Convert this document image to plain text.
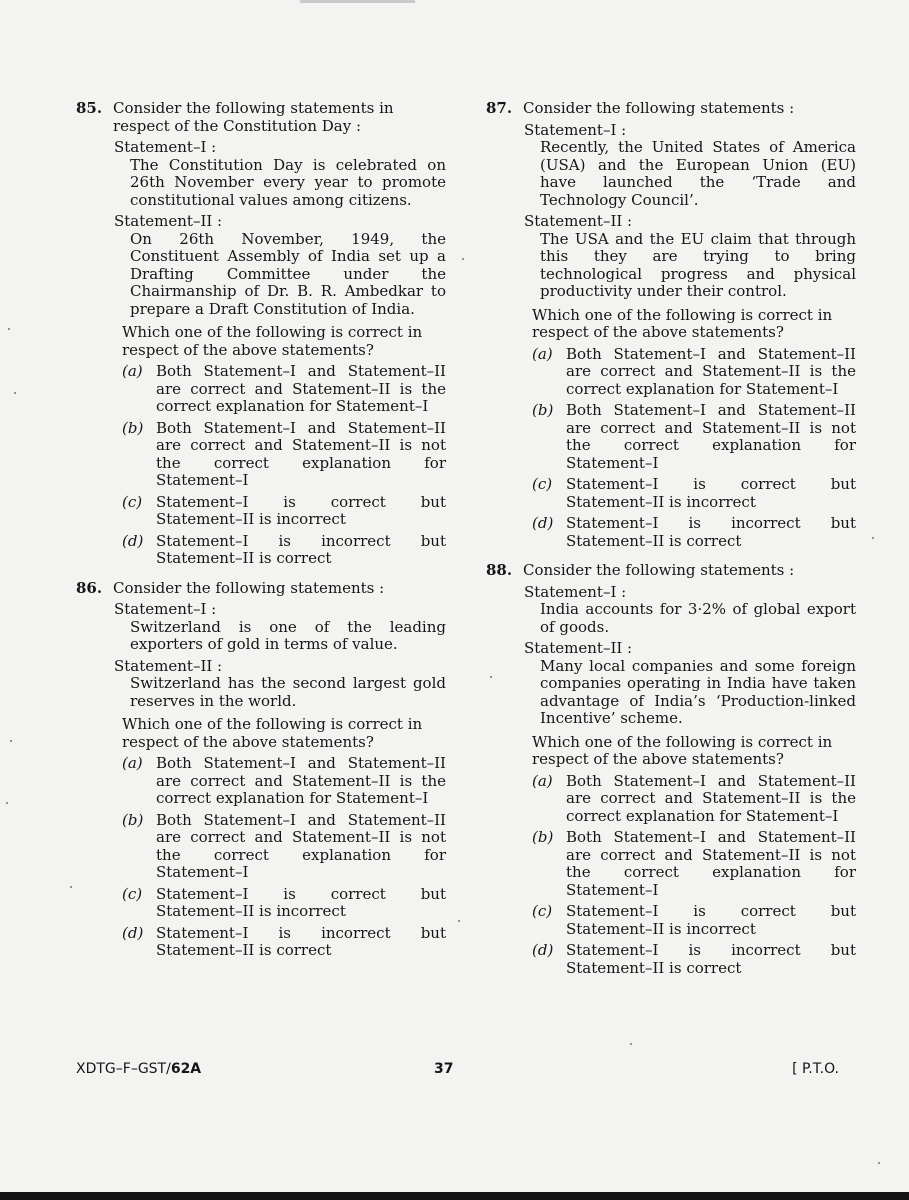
85. Consider the following statements in respect of the Constitution Day :
Statement–I :
The Constitution Day is celebrated on 26th November every year to promote constitutional values among citizens.
Statement–II :
On 26th November, 1949, the Constituent Assembly of India set up a Drafting Committee under the Chairmanship of Dr. B. R. Ambedkar to prepare a Draft Constitution of India.
Which one of the following is correct in respect of the above statements?
(a) Both Statement–I and Statement–II are correct and Statement–II is the correct explanation for Statement–I
(b) Both Statement–I and Statement–II are correct and Statement–II is not the correct explanation for Statement–I
(c) Statement–I is correct but Statement–II is incorrect
(d) Statement–I is incorrect but Statement–II is correct
86. Consider the following statements :
Statement–I :
Switzerland is one of the leading exporters of gold in terms of value.
Statement–II :
Switzerland has the second largest gold reserves in the world.
Which one of the following is correct in respect of the above statements?
(a) Both Statement–I and Statement–II are correct and Statement–II is the correct explanation for Statement–I
(b) Both Statement–I and Statement–II are correct and Statement–II is not the correct explanation for Statement–I
(c) Statement–I is correct but Statement–II is incorrect
(d) Statement–I is incorrect but Statement–II is correct
87. Consider the following statements :
Statement–I :
Recently, the United States of America (USA) and the European Union (EU) have launched the ‘Trade and Technology Council’.
Statement–II :
The USA and the EU claim that through this they are trying to bring technological progress and physical productivity under their control.
Which one of the following is correct in respect of the above statements?
(a) Both Statement–I and Statement–II are correct and Statement–II is the correct explanation for Statement–I
(b) Both Statement–I and Statement–II are correct and Statement–II is not the correct explanation for Statement–I
(c) Statement–I is correct but Statement–II is incorrect
(d) Statement–I is incorrect but Statement–II is correct
88. Consider the following statements :
Statement–I :
India accounts for 3·2% of global export of goods.
Statement–II :
Many local companies and some foreign companies operating in India have taken advantage of India’s ‘Production-linked Incentive’ scheme.
Which one of the following is correct in respect of the above statements?
(a) Both Statement–I and Statement–II are correct and Statement–II is the correct explanation for Statement–I
(b) Both Statement–I and Statement–II are correct and Statement–II is not the correct explanation for Statement–I
(c) Statement–I is correct but Statement–II is incorrect
(d) Statement–I is incorrect but Statement–II is correct
XDTG–F–GST/62A	37	[ P.T.O.
